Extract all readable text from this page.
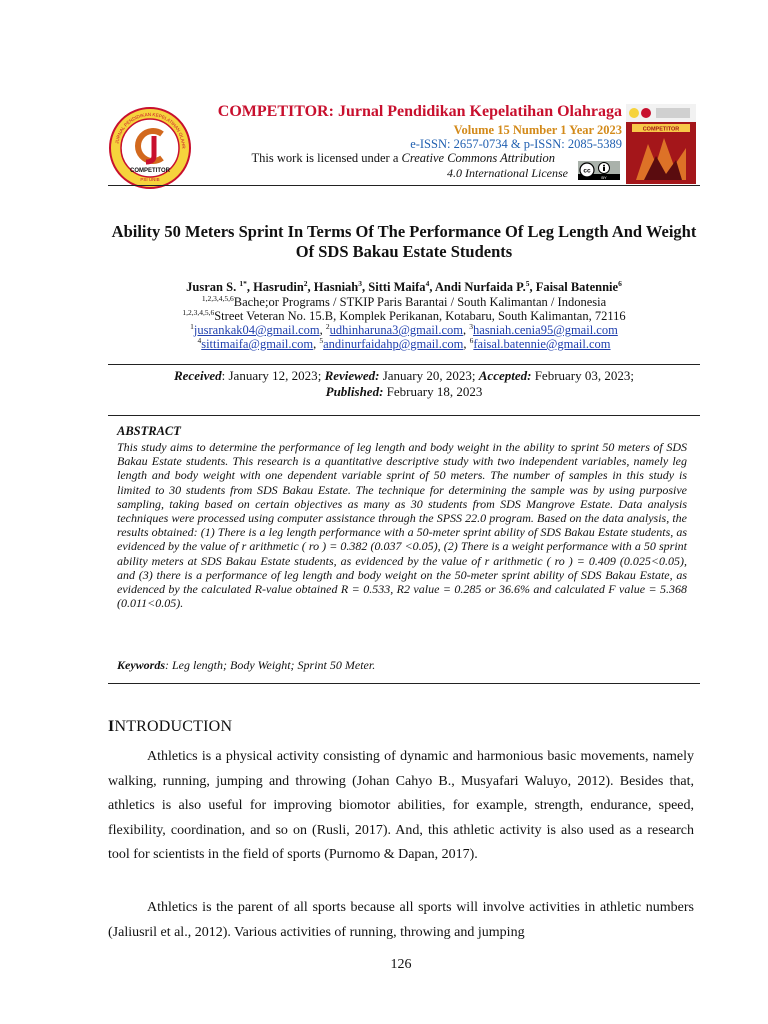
COMPETITOR
PSI UNIB
JURNAL PENDIDIKAN KEPELATIHAN OLAHR
COMPETITOR: Jurnal Pendidikan Kepelatihan Olahraga
Volume 15 Number 1 Year 2023
e-ISSN: 2657-0734 & p-ISSN: 2085-5389
This work is licensed under a Creative Commons Attribution
4.0 International License cc
BY
COMPETITOR
Ability 50 Meters Sprint In Terms Of The Performance Of Leg Length And Weight Of SDS Bakau Estate Students
Jusran S. $^{1*}$, Hasrudin$^2$, Hasniah$^3$, Sitti Maifa$^4$, Andi Nurfaida P.$^5$, Faisal Batennie$^6$
$^{1,2,3,4,5,6}$Bache;or Programs / STKIP Paris Barantai / South Kalimantan / Indonesia
$^{1,2,3,4,5,6}$Street Veteran No. 15.B, Komplek Perikanan, Kotabaru, South Kalimantan, 72116
$^1$jusrankak04@gmail.com, $^2$udhinharuna3@gmail.com, $^3$hasniah.cenia95@gmail.com
$^4$sittimaifa@gmail.com, $^5$andinurfaidahp@gmail.com, $^6$faisal.batennie@gmail.com
Received: January 12, 2023; Reviewed: January 20, 2023; Accepted: February 03, 2023;
Published: February 18, 2023
ABSTRACT
This study aims to determine the performance of leg length and body weight in the ability to sprint 50 meters of SDS Bakau Estate students. This research is a quantitative descriptive study with two independent variables, namely leg length and body weight with one dependent variable sprint of 50 meters. The number of samples in this study is limited to 30 students from SDS Bakau Estate. The technique for determining the sample was by using purposive sampling, taking based on certain objectives as many as 30 students from SDS Mangrove Estate. Data analysis techniques were processed using computer assistance through the SPSS 22.0 program. Based on the data analysis, the results obtained: (1) There is a leg length performance with a 50-meter sprint ability of SDS Bakau Estate students, as evidenced by the value of r arithmetic ( ro ) = 0.382 (0.037 <0.05), (2) There is a weight performance with a 50 sprint ability meters at SDS Bakau Estate students, as evidenced by the value of r arithmetic ( ro ) = 0.409 (0.025<0.05), and (3) there is a performance of leg length and body weight on the 50-meter sprint ability of SDS Bakau Estate, as evidenced by the calculated R-value obtained R = 0.533, R2 value = 0.285 or 36.6% and calculated F value = 5.368 (0.011<0.05).
Keywords: Leg length; Body Weight; Sprint 50 Meter.
INTRODUCTION
Athletics is a physical activity consisting of dynamic and harmonious basic movements, namely walking, running, jumping and throwing (Johan Cahyo B., Musyafari Waluyo, 2012). Besides that, athletics is also useful for improving biomotor abilities, for example, strength, endurance, speed, flexibility, coordination, and so on (Rusli, 2017). And, this athletic activity is also used as a research tool for scientists in the field of sports (Purnomo & Dapan, 2017).
Athletics is the parent of all sports because all sports will involve activities in athletic numbers (Jaliusril et al., 2012). Various activities of running, throwing and jumping
126
